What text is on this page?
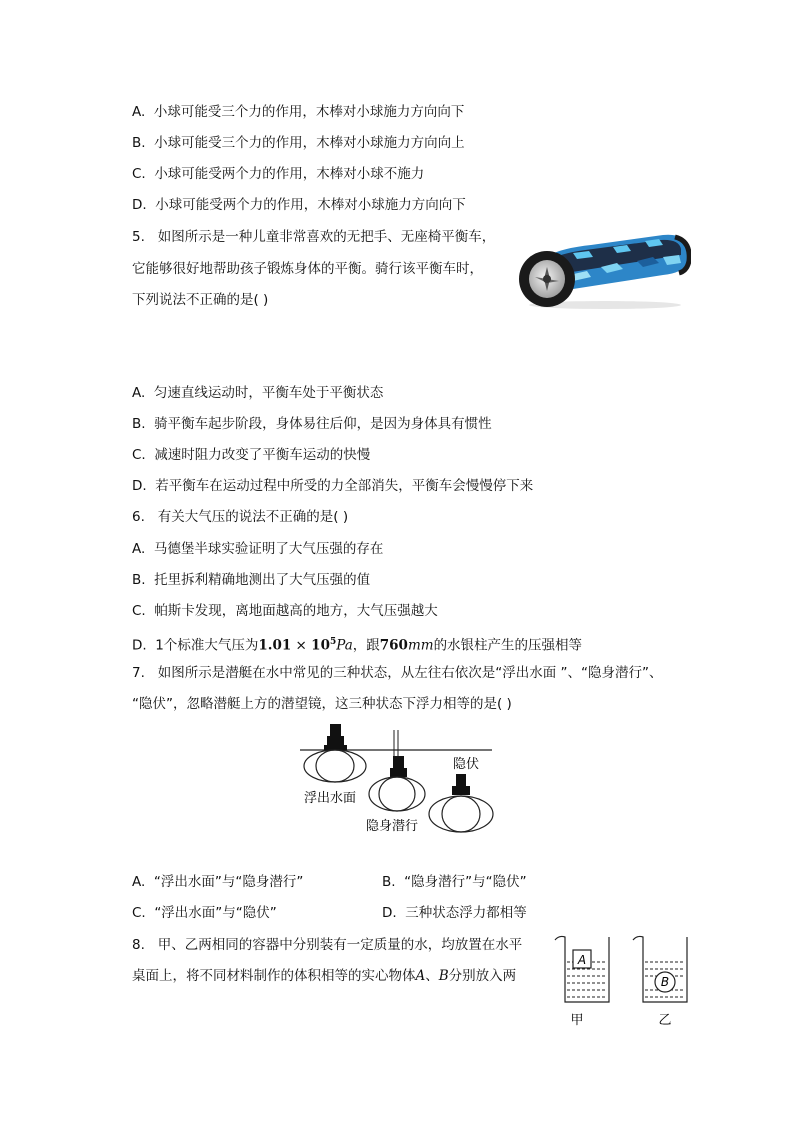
A. 小球可能受三个力的作用，木棒对小球施力方向向下
B. 小球可能受三个力的作用，木棒对小球施力方向向上
C. 小球可能受两个力的作用，木棒对小球不施力
D. 小球可能受两个力的作用，木棒对小球施力方向向下
5. 如图所示是一种儿童非常喜欢的无把手、无座椅平衡车，
它能够很好地帮助孩子锻炼身体的平衡。骑行该平衡车时，
下列说法不正确的是( )
A. 匀速直线运动时，平衡车处于平衡状态
B. 骑平衡车起步阶段，身体易往后仰，是因为身体具有惯性
C. 减速时阻力改变了平衡车运动的快慢
D. 若平衡车在运动过程中所受的力全部消失，平衡车会慢慢停下来
6. 有关大气压的说法不正确的是( )
A. 马德堡半球实验证明了大气压强的存在
B. 托里拆利精确地测出了大气压强的值
C. 帕斯卡发现，离地面越高的地方，大气压强越大
D. 1个标准大气压为$1.01 \times 10^5Pa$，跟760mm的水银柱产生的压强相等
7. 如图所示是潜艇在水中常见的三种状态，从左往右依次是“浮出水面 ”、“隐身潜行”、
“隐伏”，忽略潜艇上方的潜望镜，这三种状态下浮力相等的是( )
浮出水面
隐身潜行
隐伏
A. “浮出水面”与“隐身潜行”	B. “隐身潜行”与“隐伏”
C. “浮出水面”与“隐伏”	D. 三种状态浮力都相等
8. 甲、乙两相同的容器中分别装有一定质量的水，均放置在水平
桌面上，将不同材料制作的体积相等的实心物体A、B分别放入两
A
B
甲	乙
